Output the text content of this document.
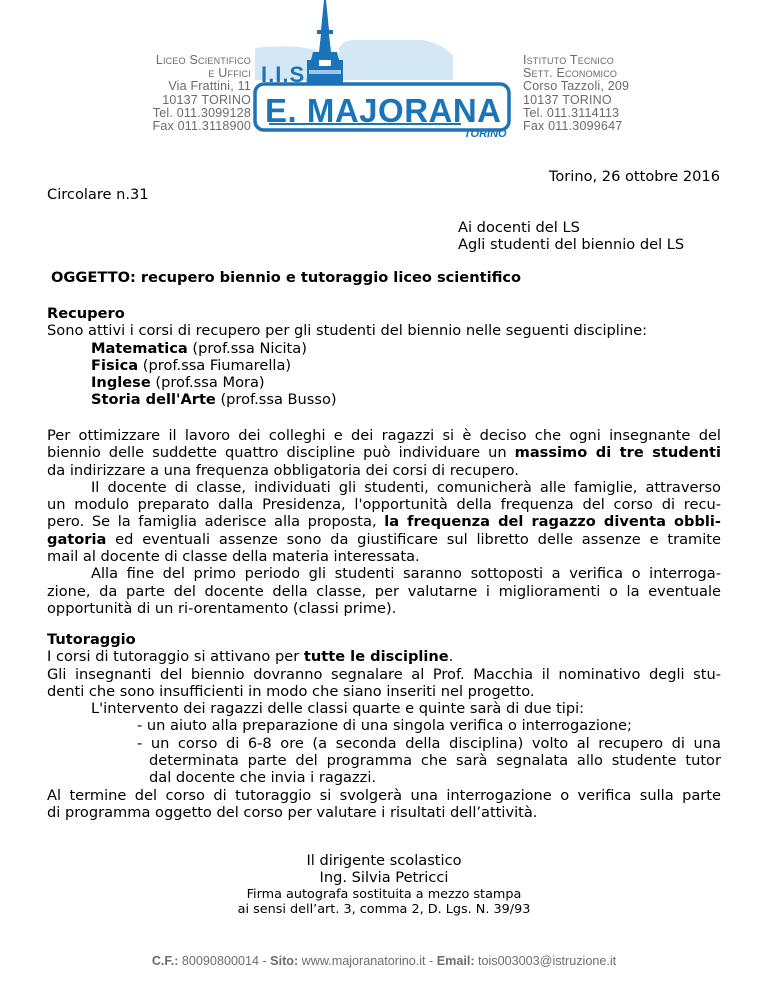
Liceo Scientifico
e Uffici
Via Frattini, 11
10137 TORINO
Tel. 011.3099128
Fax 011.3118900
I.I.S.
E. MAJORANA
TORINO
Istituto Tecnico
Sett. Economico
Corso Tazzoli, 209
10137 TORINO
Tel. 011.3114113
Fax 011.3099647
Torino, 26 ottobre 2016
Circolare n.31
Ai docenti del LS
Agli studenti del biennio del LS
OGGETTO: recupero biennio e tutoraggio liceo scientifico
Recupero
Sono attivi i corsi di recupero per gli studenti del biennio nelle seguenti discipline:
Matematica (prof.ssa Nicita)
Fisica (prof.ssa Fiumarella)
Inglese (prof.ssa Mora)
Storia dell'Arte (prof.ssa Busso)
Per ottimizzare il lavoro dei colleghi e dei ragazzi si è deciso che ogni insegnante del
biennio delle suddette quattro discipline può individuare un massimo di tre studenti
da indirizzare a una frequenza obbligatoria dei corsi di recupero.
Il docente di classe, individuati gli studenti, comunicherà alle famiglie, attraverso
un modulo preparato dalla Presidenza, l'opportunità della frequenza del corso di recu-
pero. Se la famiglia aderisce alla proposta, la frequenza del ragazzo diventa obbli-
gatoria ed eventuali assenze sono da giustificare sul libretto delle assenze e tramite
mail al docente di classe della materia interessata.
Alla fine del primo periodo gli studenti saranno sottoposti a verifica o interroga-
zione, da parte del docente della classe, per valutarne i miglioramenti o la eventuale
opportunità di un ri-orentamento (classi prime).
Tutoraggio
I corsi di tutoraggio si attivano per tutte le discipline.
Gli insegnanti del biennio dovranno segnalare al Prof. Macchia il nominativo degli stu-
denti che sono insufficienti in modo che siano inseriti nel progetto.
L'intervento dei ragazzi delle classi quarte e quinte sarà di due tipi:
- un aiuto alla preparazione di una singola verifica o interrogazione;
- un corso di 6-8 ore (a seconda della disciplina) volto al recupero di una
determinata parte del programma che sarà segnalata allo studente tutor
dal docente che invia i ragazzi.
Al termine del corso di tutoraggio si svolgerà una interrogazione o verifica sulla parte
di programma oggetto del corso per valutare i risultati dell’attività.
Il dirigente scolastico
Ing. Silvia Petricci
Firma autografa sostituita a mezzo stampa
ai sensi dell’art. 3, comma 2, D. Lgs. N. 39/93
C.F.: 80090800014 - Sito: www.majoranatorino.it - Email: tois003003@istruzione.it
